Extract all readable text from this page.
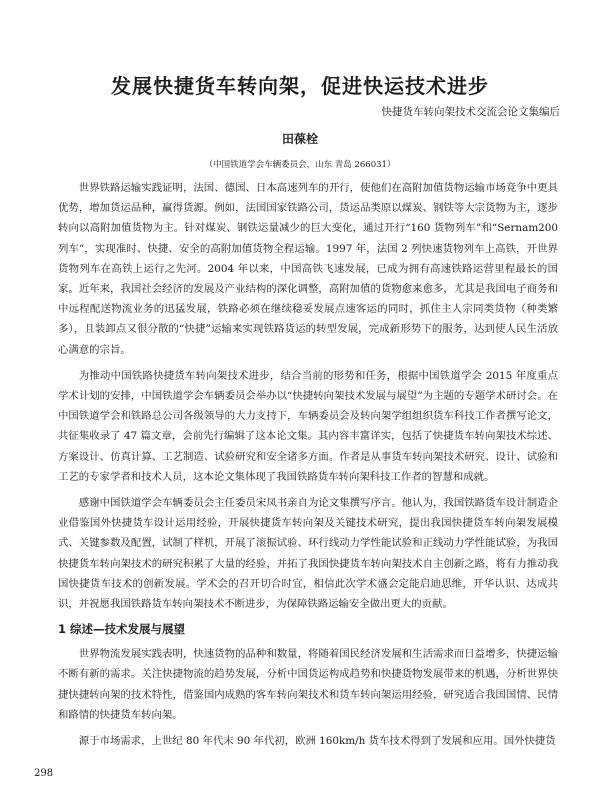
发展快捷货车转向架，促进快运技术进步
快捷货车转向架技术交流会论文集编后
田葆栓
（中国铁道学会车辆委员会，山东 青岛 266031）

世界铁路运输实践证明，法国、德国、日本高速列车的开行，使他们在高附加值货物运输市场竞争中更具优势，增加货运品种，赢得货源。例如，法国国家铁路公司，货运品类原以煤炭、钢铁等大宗货物为主，逐步转向以高附加值货物为主。针对煤炭、钢铁运量减少的巨大变化，通过开行“160 货物列车”和“Sernam200 列车”，实现准时、快捷、安全的高附加值货物全程运输。1997 年，法国 2 列快速货物列车上高铁，开世界货物列车在高铁上运行之先河。2004 年以来，中国高铁飞速发展，已成为拥有高速铁路运营里程最长的国家。近年来，我国社会经济的发展及产业结构的深化调整，高附加值的货物愈来愈多，尤其是我国电子商务和中远程配送物流业务的迅猛发展，铁路必须在继续稳妥发展点速客运的同时，抓住主人宗同类货物（种类繁多），且装卸点又很分散的“快捷”运输来实现铁路货运的转型发展，完成新形势下的服务，达到使人民生活放心满意的宗旨。

为推动中国铁路快捷货车转向架技术进步，结合当前的形势和任务，根据中国铁道学会 2015 年度重点学术计划的安排，中国铁道学会车辆委员会举办以“快捷转向架技术发展与展望”为主题的专题学术研讨会。在中国铁道学会和铁路总公司各级领导的大力支持下，车辆委员会及转向架学组组织货车科技工作者撰写论文，共征集收录了 47 篇文章，会前先行编辑了这本论文集。其内容丰富详实，包括了快捷货车转向架技术综述、方案设计、仿真计算、工艺制造、试验研究和安全诸多方面。作者是从事货车转向架技术研究、设计、试验和工艺的专家学者和技术人员，这本论文集体现了我国铁路货车转向架科技工作者的智慧和成就。

感谢中国铁道学会车辆委员会主任委员宋凤书亲自为论文集撰写序言。他认为，我国铁路货车设计制造企业借鉴国外快捷货车设计运用经验，开展快捷货车转向架及关键技术研究，提出我国快捷货车转向架发展模式、关键参数及配置，试制了样机，开展了滚振试验、环行线动力学性能试验和正线动力学性能试验，为我国快捷货车转向架技术的研究积累了大量的经验，并拓了我国快捷货车转向架技术自主创新之路，将有力推动我国快捷货车技术的创新发展。学术会的召开切合时宜，相信此次学术盛会定能启迪思维，开华认识、达成共识，并祝愿我国铁路货车转向架技术不断进步，为保障铁路运输安全做出更大的贡献。

1 综述—技术发展与展望

世界物流发展实践表明，快速货物的品种和数量，将随着国民经济发展和生活需求而日益增多，快捷运输不断有新的需求。关注快捷物流的趋势发展，分析中国货运构成趋势和快捷货物发展带来的机遇，分析世界快捷快捷转向架的技术特性，借鉴国内成熟的客车转向架技术和货车转向架运用经验，研究适合我国国情、民情和路情的快捷货车转向架。

源于市场需求，上世纪 80 年代末 90 年代初，欧洲 160km/h 货车技术得到了发展和应用。国外快捷货

298
